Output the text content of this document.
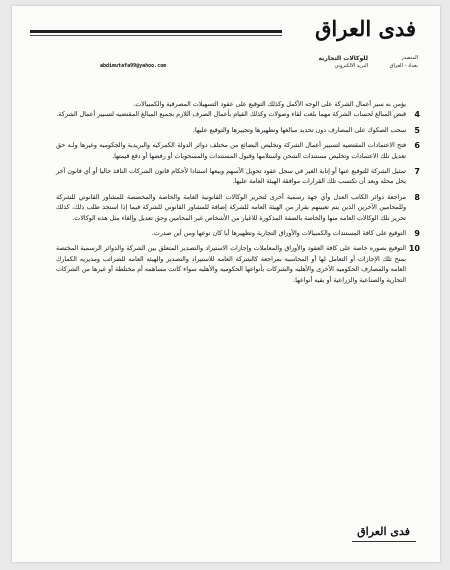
فدى العراق
المتصدر
للوكالات التجارية
بغداد - العراق
البريد الالكتروني
abdimutafa99@yahoo.com

يؤمن به سير أعمال الشركة على الوجه الأكمل وكذلك التوقيع على عقود التسهيلات المصرفية والكمبيالات.

4
قبض المبالغ لحساب الشركة مهما بلغت لقاء وصولات وكذلك القيام بأعمال الصرف اللازم بجميع المبالغ المقتضيه لتسيير أعمال الشركة.
5
سحب الصكوك على المصارف دون تحديد مبالغها وتظهيرها وتجييرها والتوقيع عليها.
6
فتح الاعتمادات المقتضيه لتسيير أعمال الشركة وتخليص البضائع من مختلف دوائر الدولة الكمركيه والبريدية والجكوميه وغيرها ولـه حق تعديل تلك الاعتمادات وتخليص مستندات الشحن واستلامها وقبول المستندات والمسحوبات أو رفضها أو دفع قيمتها.
7
تمثيل الشركة للتوقيع عنها أو إنابة الغير في سجل عقود تحويل الأسهم وبيعها استنادا لأحكام قانون الشركات النافذ حاليا أو أي قانون آخر يحل محله ويعد أن تكتسب تلك القرارات موافقة الهيئة العامة عليها.
8
مراجعة دوائر الكاتب العدل وأي جهة رسمية أخرى لتحرير الوكالات القانونية العامة والخاصة والمخصصة للمشاور القانوني للشركة وللمحامين الآخرين الذين يتم تعيينهم بقرار من الهيئة العامه للشركة إضافة للمشاور القانوني للشركة فيما إذا استجد طلب ذلك، كذلك تحرير تلك الوكالات العامه منها والخاصة بالصفة المذكورة للاغيار من الأشخاص غير المحامين وحق تعديل وإلغاء مثل هذه الوكالات.
9
التوقيع على كافة المستندات والكمبيالات والأوراق التجارية وتظهيرها أيا كان نوعها ومن أين صدرت.
10
التوقيع بصوره خاصة على كافة العقود والأوراق والمعاملات وإجازات الاستيراد والتصدير المتعلق بين الشركة والدوائر الرسمية المختصة بمنح تلك الإجازات أو التعامل لها أو المحاسبه بمراجعة كالشركة العامه للاستيراد والتصدير والهيئه العامه للضرائب ومديريه الكمارك العامه والمصارف الحكوميه الأخرى والأهليه والشركات بأنواعها الحكوميه والأهليه سواء كانت مساهمه أم مختلطة أو غيرها من الشركات التجارية والصناعية والزراعية أو بقيه أنواعها.
فدى العراق
